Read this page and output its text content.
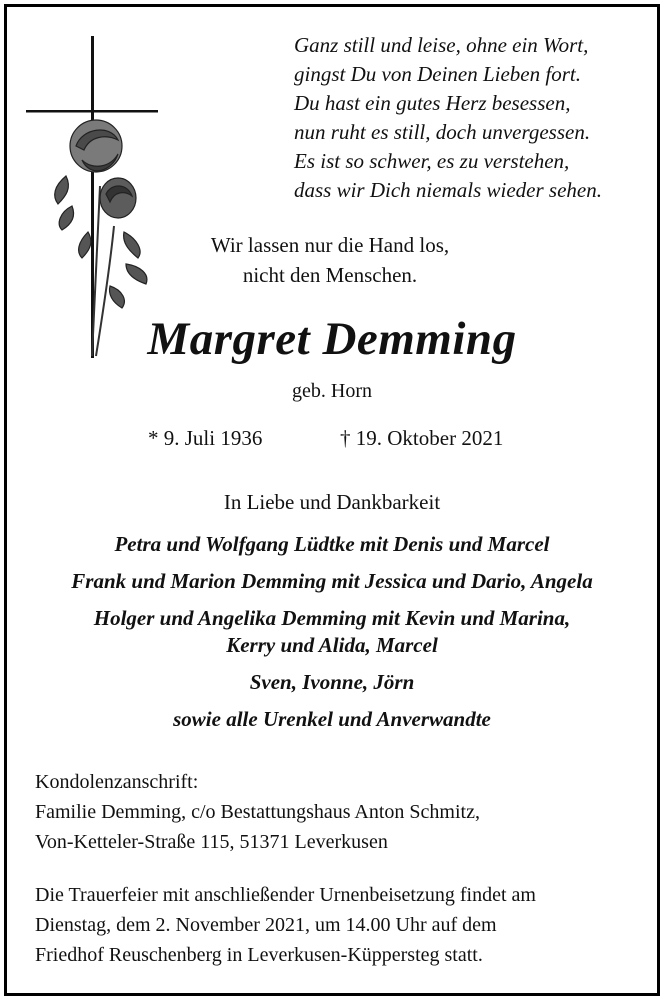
Ganz still und leise, ohne ein Wort,
gingst Du von Deinen Lieben fort.
Du hast ein gutes Herz besessen,
nun ruht es still, doch unvergessen.
Es ist so schwer, es zu verstehen,
dass wir Dich niemals wieder sehen.
Wir lassen nur die Hand los,
nicht den Menschen.
Margret Demming
geb. Horn
* 9. Juli 1936	† 19. Oktober 2021
In Liebe und Dankbarkeit
Petra und Wolfgang Lüdtke mit Denis und Marcel
Frank und Marion Demming mit Jessica und Dario, Angela
Holger und Angelika Demming mit Kevin und Marina,
Kerry und Alida, Marcel
Sven, Ivonne, Jörn
sowie alle Urenkel und Anverwandte
Kondolenzanschrift:
Familie Demming, c/o Bestattungshaus Anton Schmitz,
Von-Ketteler-Straße 115, 51371 Leverkusen
Die Trauerfeier mit anschließender Urnenbeisetzung findet am
Dienstag, dem 2. November 2021, um 14.00 Uhr auf dem
Friedhof Reuschenberg in Leverkusen-Küppersteg statt.
